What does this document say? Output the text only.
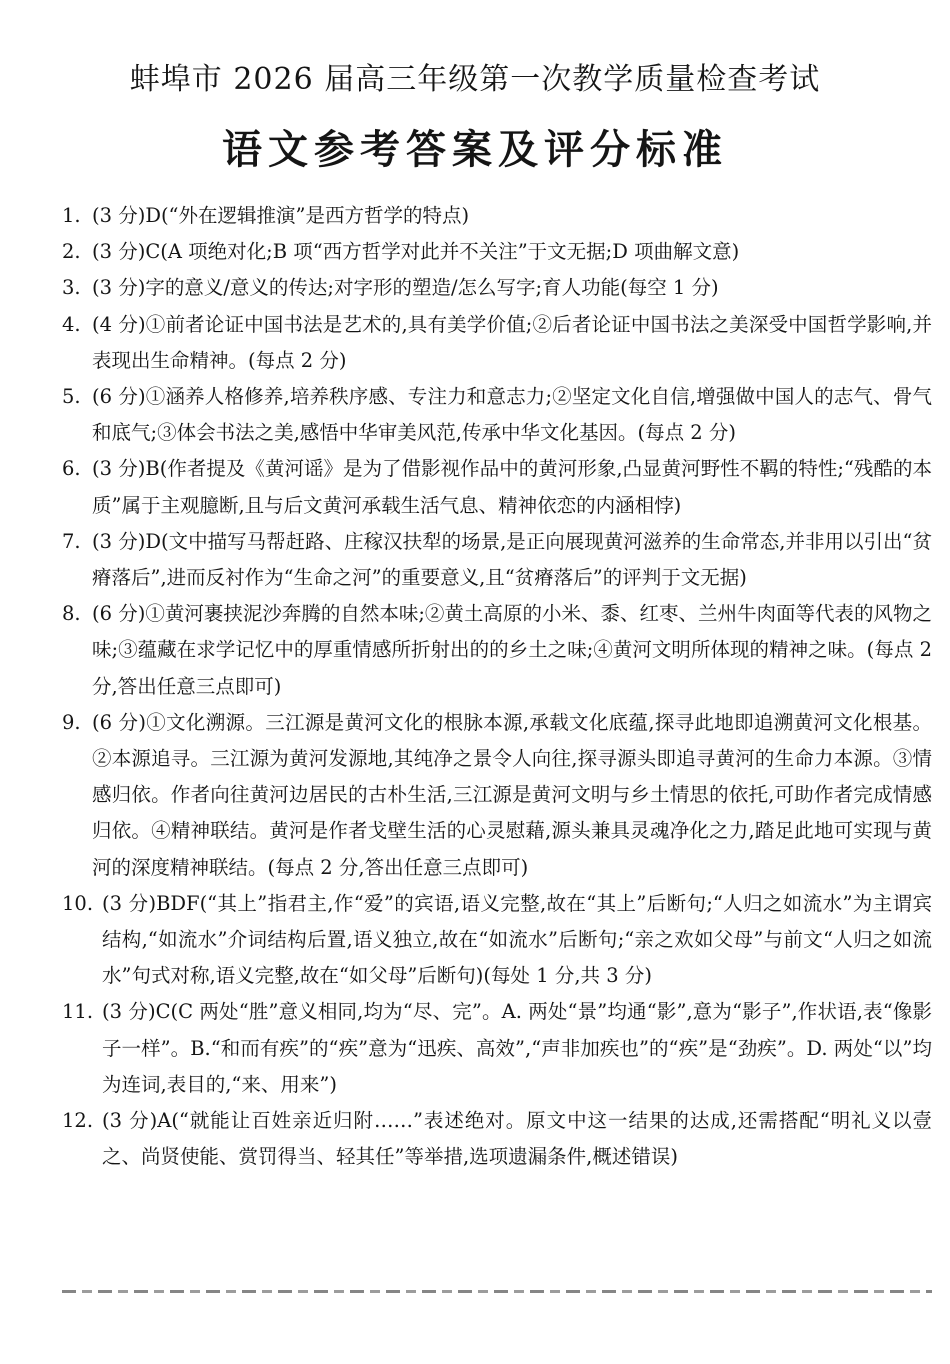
蚌埠市 2026 届高三年级第一次教学质量检查考试
语文参考答案及评分标准
1. (3 分)D(“外在逻辑推演”是西方哲学的特点)
2. (3 分)C(A 项绝对化;B 项“西方哲学对此并不关注”于文无据;D 项曲解文意)
3. (3 分)字的意义/意义的传达;对字形的塑造/怎么写字;育人功能(每空 1 分)
4. (4 分)①前者论证中国书法是艺术的,具有美学价值;②后者论证中国书法之美深受中国哲学影响,并表现出生命精神。(每点 2 分)
5. (6 分)①涵养人格修养,培养秩序感、专注力和意志力;②坚定文化自信,增强做中国人的志气、骨气和底气;③体会书法之美,感悟中华审美风范,传承中华文化基因。(每点 2 分)
6. (3 分)B(作者提及《黄河谣》是为了借影视作品中的黄河形象,凸显黄河野性不羁的特性;“残酷的本质”属于主观臆断,且与后文黄河承载生活气息、精神依恋的内涵相悖)
7. (3 分)D(文中描写马帮赶路、庄稼汉扶犁的场景,是正向展现黄河滋养的生命常态,并非用以引出“贫瘠落后”,进而反衬作为“生命之河”的重要意义,且“贫瘠落后”的评判于文无据)
8. (6 分)①黄河裹挟泥沙奔腾的自然本味;②黄土高原的小米、黍、红枣、兰州牛肉面等代表的风物之味;③蕴藏在求学记忆中的厚重情感所折射出的的乡土之味;④黄河文明所体现的精神之味。(每点 2 分,答出任意三点即可)
9. (6 分)①文化溯源。三江源是黄河文化的根脉本源,承载文化底蕴,探寻此地即追溯黄河文化根基。②本源追寻。三江源为黄河发源地,其纯净之景令人向往,探寻源头即追寻黄河的生命力本源。③情感归依。作者向往黄河边居民的古朴生活,三江源是黄河文明与乡土情思的依托,可助作者完成情感归依。④精神联结。黄河是作者戈壁生活的心灵慰藉,源头兼具灵魂净化之力,踏足此地可实现与黄河的深度精神联结。(每点 2 分,答出任意三点即可)
10. (3 分)BDF(“其上”指君主,作“爱”的宾语,语义完整,故在“其上”后断句;“人归之如流水”为主谓宾结构,“如流水”介词结构后置,语义独立,故在“如流水”后断句;“亲之欢如父母”与前文“人归之如流水”句式对称,语义完整,故在“如父母”后断句)(每处 1 分,共 3 分)
11. (3 分)C(C 两处“胜”意义相同,均为“尽、完”。A. 两处“景”均通“影”,意为“影子”,作状语,表“像影子一样”。B.“和而有疾”的“疾”意为“迅疾、高效”,“声非加疾也”的“疾”是“劲疾”。D. 两处“以”均为连词,表目的,“来、用来”)
12. (3 分)A(“就能让百姓亲近归附……”表述绝对。原文中这一结果的达成,还需搭配“明礼义以壹之、尚贤使能、赏罚得当、轻其任”等举措,选项遗漏条件,概述错误)
